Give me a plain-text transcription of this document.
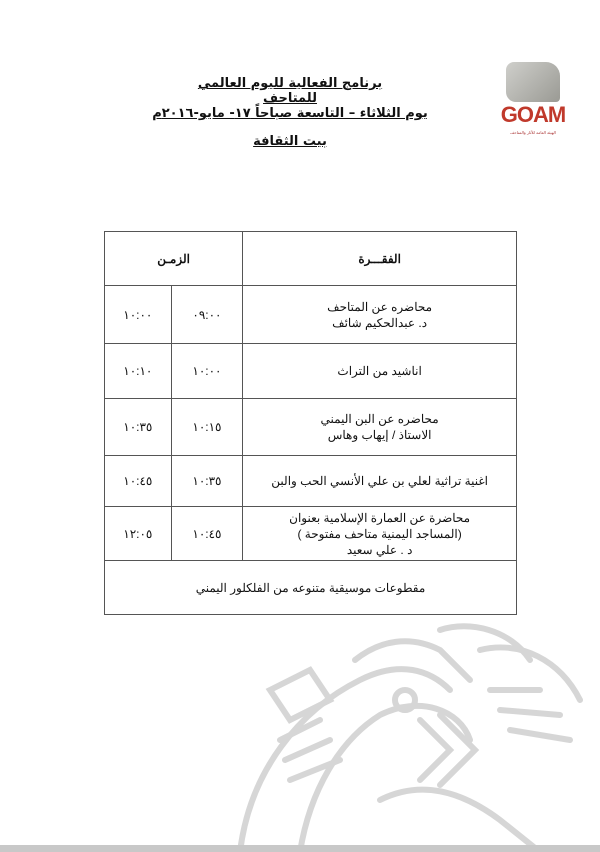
برنامج الفعالية لليوم العالمي للمتاحف
يوم الثلاثاء – التاسعة صباحاً ١٧- مايو-٢٠١٦م
بيت الثقافة
GOAM
الهيئة العامة للآثار والمتاحف
الفقـــرة	الزمـن	

محاضره عن المتاحف
د. عبدالحكيم شائف	٠٩:٠٠	١٠:٠٠

اناشيد من التراث	١٠:٠٠	١٠:١٠

محاضره عن البن اليمني
الاستاذ / إيهاب وهاس	١٠:١٥	١٠:٣٥

اغنية تراثية لعلي بن علي الأنسي الحب والبن	١٠:٣٥	١٠:٤٥

محاضرة عن العمارة الإسلامية بعنوان
(المساجد اليمنية متاحف مفتوحة )
د . علي سعيد	١٠:٤٥	١٢:٠٥
مقطوعات موسيقية متنوعه من الفلكلور اليمني		
